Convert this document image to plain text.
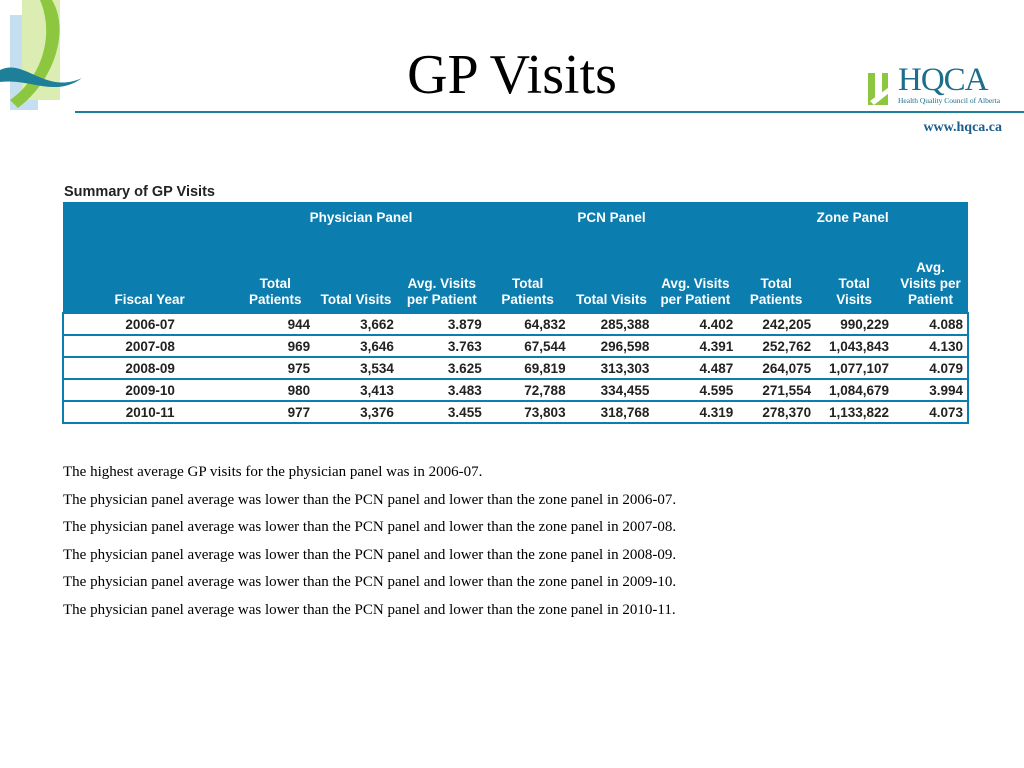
GP Visits	HQCA
Health Quality Council of Alberta
www.hqca.ca
Summary of GP Visits
	Physician Panel			PCN Panel			Zone Panel		
Fiscal Year	Total Patients	Total Visits	Avg. Visits per Patient	Total Patients	Total Visits	Avg. Visits per Patient	Total Patients	Total Visits	Avg. Visits per Patient
2006-07	944	3,662	3.879	64,832	285,388	4.402	242,205	990,229	4.088
2007-08	969	3,646	3.763	67,544	296,598	4.391	252,762	1,043,843	4.130
2008-09	975	3,534	3.625	69,819	313,303	4.487	264,075	1,077,107	4.079
2009-10	980	3,413	3.483	72,788	334,455	4.595	271,554	1,084,679	3.994
2010-11	977	3,376	3.455	73,803	318,768	4.319	278,370	1,133,822	4.073

The highest average GP visits for the physician panel was in 2006-07.

The physician panel average was lower than the PCN panel and lower than the zone panel in 2006-07.

The physician panel average was lower than the PCN panel and lower than the zone panel in 2007-08.

The physician panel average was lower than the PCN panel and lower than the zone panel in 2008-09.

The physician panel average was lower than the PCN panel and lower than the zone panel in 2009-10.

The physician panel average was lower than the PCN panel and lower than the zone panel in 2010-11.
